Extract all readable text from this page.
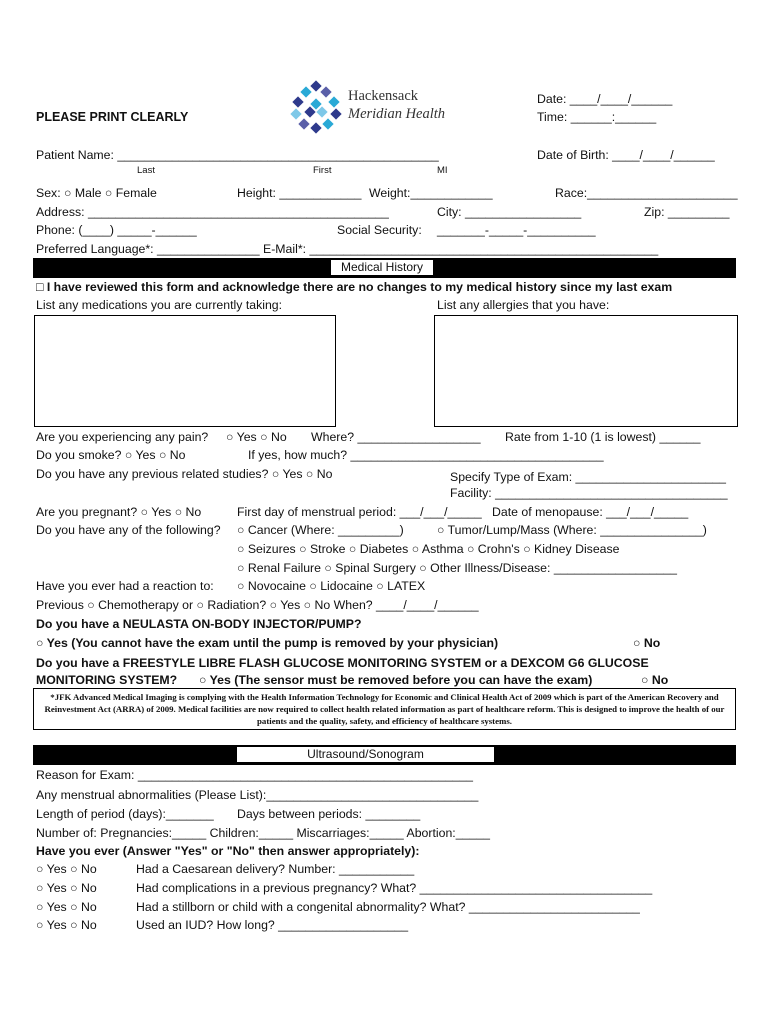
PLEASE PRINT CLEARLY
Hackensack
Meridian Health
Date: ____/____/______
Time: ______:______
Patient Name: _______________________________________________	Date of Birth: ____/____/______
Last	First	MI
Sex: ○ Male ○ Female	Height: ____________ Weight:____________	Race:______________________
Address: ____________________________________________	City: _________________	Zip: _________
Phone: (____) _____-______	Social Security: _______-_____-__________
Preferred Language*: _______________ E-Mail*: ___________________________________________________
Medical History
□ I have reviewed this form and acknowledge there are no changes to my medical history since my last exam
List any medications you are currently taking:	List any allergies that you have:
Are you experiencing any pain? ○ Yes ○ No Where? __________________ Rate from 1-10 (1 is lowest) ______
Do you smoke? ○ Yes ○ No	If yes, how much? _____________________________________
Do you have any previous related studies? ○ Yes ○ No	Specify Type of Exam: ______________________
Facility: __________________________________
Are you pregnant? ○ Yes ○ No	First day of menstrual period: ___/___/_____ Date of menopause: ___/___/_____
Do you have any of the following? ○ Cancer (Where: _________)	○ Tumor/Lump/Mass (Where: _______________)
○ Seizures ○ Stroke ○ Diabetes ○ Asthma ○ Crohn's ○ Kidney Disease
○ Renal Failure ○ Spinal Surgery ○ Other Illness/Disease: __________________
Have you ever had a reaction to: ○ Novocaine ○ Lidocaine ○ LATEX
Previous ○ Chemotherapy or ○ Radiation? ○ Yes ○ No When? ____/____/______
Do you have a NEULASTA ON-BODY INJECTOR/PUMP?
○ Yes (You cannot have the exam until the pump is removed by your physician)	○ No
Do you have a FREESTYLE LIBRE FLASH GLUCOSE MONITORING SYSTEM or a DEXCOM G6 GLUCOSE
MONITORING SYSTEM? ○ Yes (The sensor must be removed before you can have the exam)	○ No
*JFK Advanced Medical Imaging is complying with the Health Information Technology for Economic and Clinical Health Act of 2009 which is part of the American Recovery and Reinvestment Act (ARRA) of 2009. Medical facilities are now required to collect health related information as part of healthcare reform. This is designed to improve the health of our patients and the quality, safety, and efficiency of healthcare systems.
Ultrasound/Sonogram
Reason for Exam: _________________________________________________
Any menstrual abnormalities (Please List):_______________________________
Length of period (days):_______ Days between periods: ________
Number of: Pregnancies:_____ Children:_____ Miscarriages:_____ Abortion:_____
Have you ever (Answer "Yes" or "No" then answer appropriately):
○ Yes ○ No	Had a Caesarean delivery? Number: ___________
○ Yes ○ No	Had complications in a previous pregnancy? What? __________________________________
○ Yes ○ No	Had a stillborn or child with a congenital abnormality? What? _________________________
○ Yes ○ No	Used an IUD? How long? ___________________
